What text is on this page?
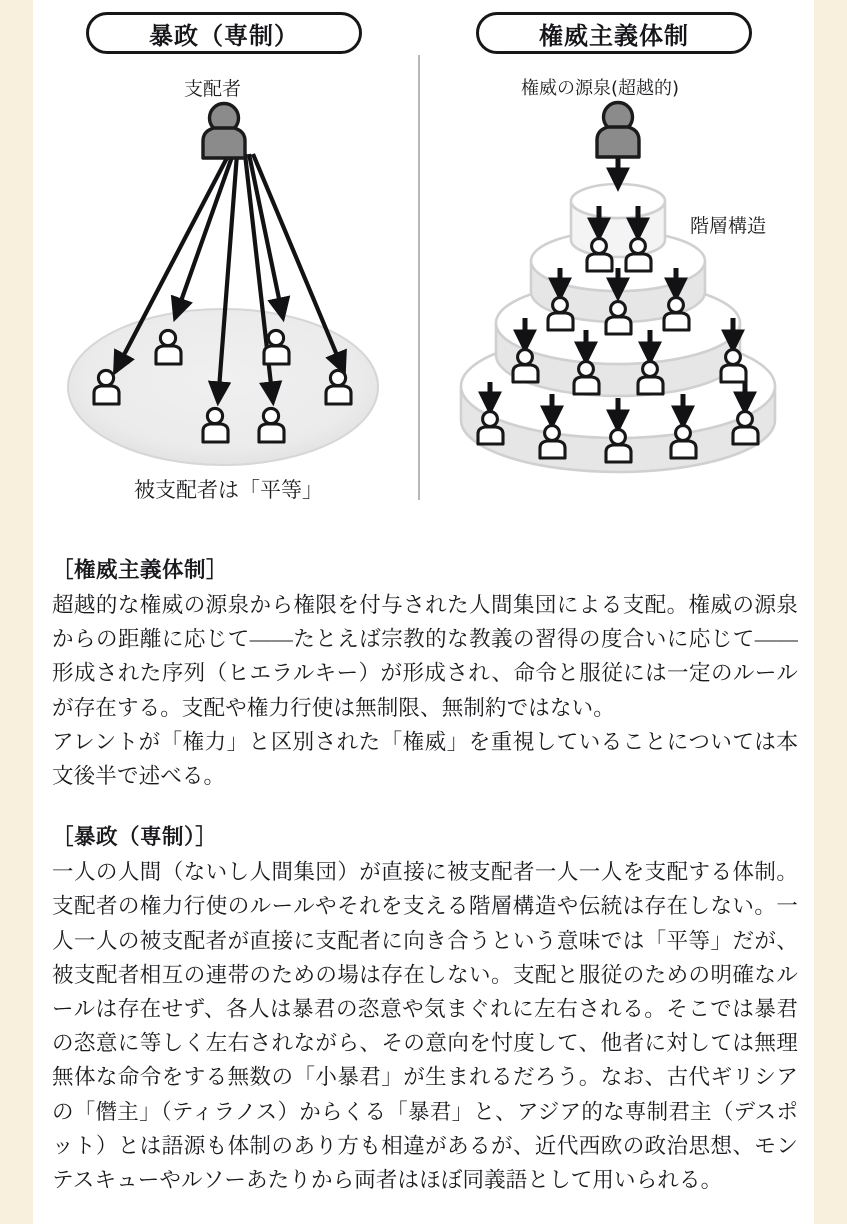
暴政（専制）	権威主義体制
支配者	権威の源泉(超越的)
階層構造
被支配者は「平等」
［権威主義体制］

超越的な権威の源泉から権限を付与された人間集団による支配。権威の源泉からの距離に応じて――たとえば宗教的な教義の習得の度合いに応じて――形成された序列（ヒエラルキー）が形成され、命令と服従には一定のルールが存在する。支配や権力行使は無制限、無制約ではない。

アレントが「権力」と区別された「権威」を重視していることについては本文後半で述べる。

［暴政（専制）］

一人の人間（ないし人間集団）が直接に被支配者一人一人を支配する体制。支配者の権力行使のルールやそれを支える階層構造や伝統は存在しない。一人一人の被支配者が直接に支配者に向き合うという意味では「平等」だが、被支配者相互の連帯のための場は存在しない。支配と服従のための明確なルールは存在せず、各人は暴君の恣意や気まぐれに左右される。そこでは暴君の恣意に等しく左右されながら、その意向を忖度して、他者に対しては無理無体な命令をする無数の「小暴君」が生まれるだろう。なお、古代ギリシアの「僭主」（ティラノス）からくる「暴君」と、アジア的な専制君主（デスポット）とは語源も体制のあり方も相違があるが、近代西欧の政治思想、モンテスキューやルソーあたりから両者はほぼ同義語として用いられる。
